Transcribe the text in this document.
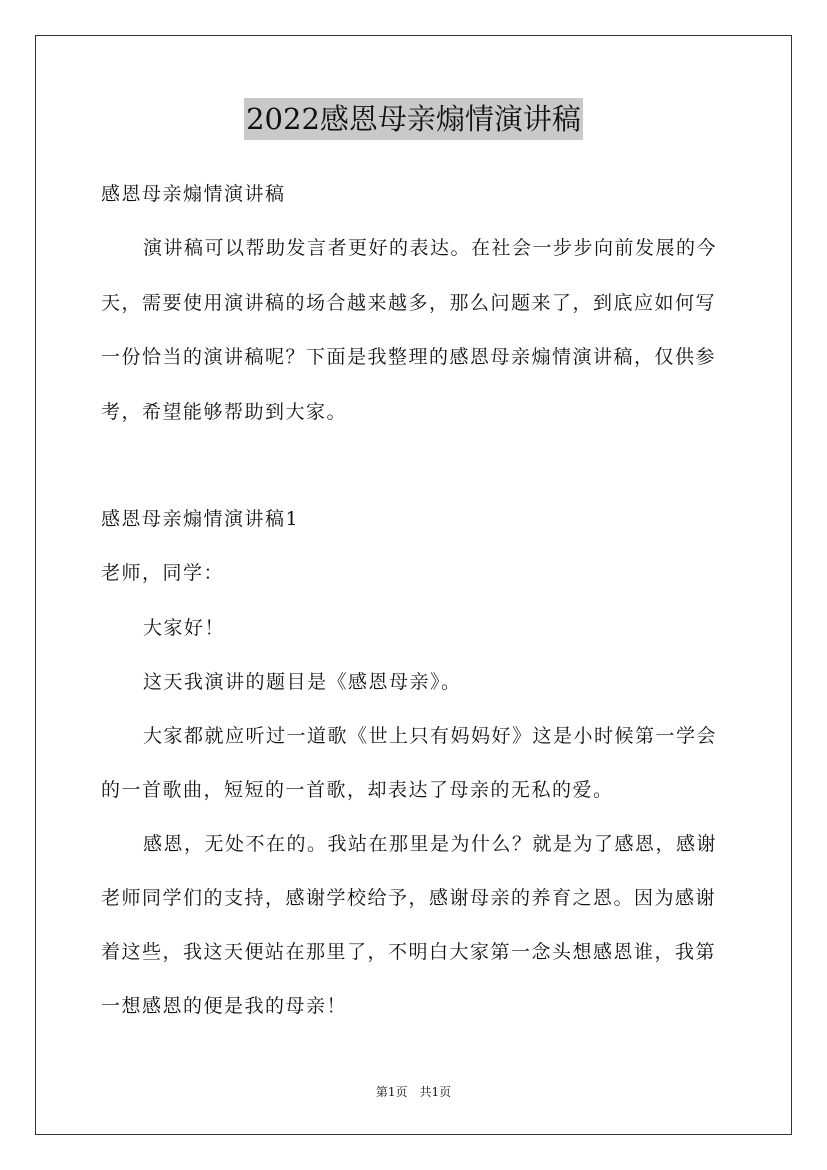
2022感恩母亲煽情演讲稿
感恩母亲煽情演讲稿
演讲稿可以帮助发言者更好的表达。在社会一步步向前发展的今
天，需要使用演讲稿的场合越来越多，那么问题来了，到底应如何写
一份恰当的演讲稿呢？下面是我整理的感恩母亲煽情演讲稿，仅供参
考，希望能够帮助到大家。
感恩母亲煽情演讲稿1
老师，同学：
大家好！
这天我演讲的题目是《感恩母亲》。
大家都就应听过一道歌《世上只有妈妈好》这是小时候第一学会
的一首歌曲，短短的一首歌，却表达了母亲的无私的爱。
感恩，无处不在的。我站在那里是为什么？就是为了感恩，感谢
老师同学们的支持，感谢学校给予，感谢母亲的养育之恩。因为感谢
着这些，我这天便站在那里了，不明白大家第一念头想感恩谁，我第
一想感恩的便是我的母亲！
第1页　共1页
